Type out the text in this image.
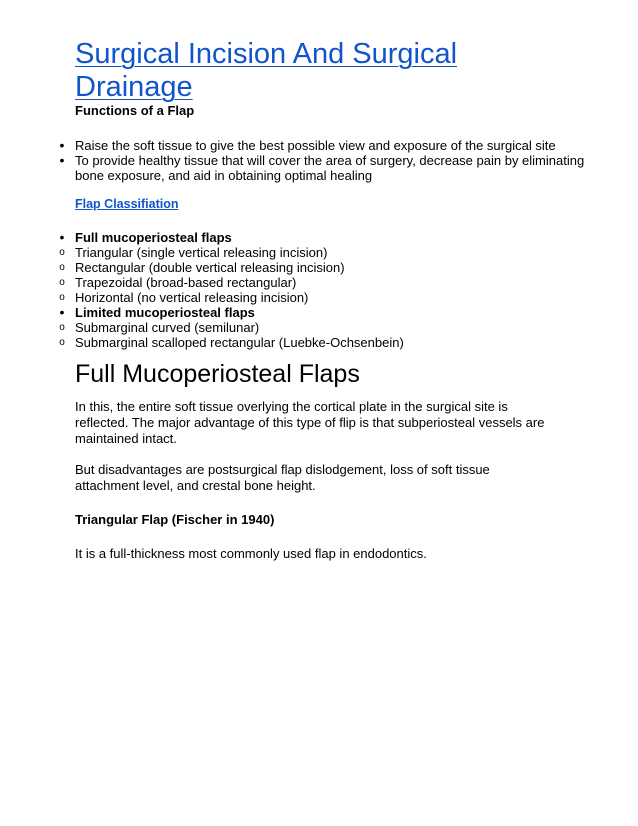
Surgical Incision And Surgical Drainage

Functions of a Flap

• Raise the soft tissue to give the best possible view and exposure of the surgical site
• To provide healthy tissue that will cover the area of surgery, decrease pain by eliminating bone exposure, and aid in obtaining optimal healing

Flap Classifiation

• Full mucoperiosteal flaps
o Triangular (single vertical releasing incision)
o Rectangular (double vertical releasing incision)
o Trapezoidal (broad-based rectangular)
o Horizontal (no vertical releasing incision)
• Limited mucoperiosteal flaps
o Submarginal curved (semilunar)
o Submarginal scalloped rectangular (Luebke-Ochsenbein)
Full Mucoperiosteal Flaps

In this, the entire soft tissue overlying the cortical plate in the surgical site is reflected. The major advantage of this type of flip is that subperiosteal vessels are maintained intact.

But disadvantages are postsurgical flap dislodgement, loss of soft tissue attachment level, and crestal bone height.

Triangular Flap (Fischer in 1940)

It is a full-thickness most commonly used flap in endodontics.
